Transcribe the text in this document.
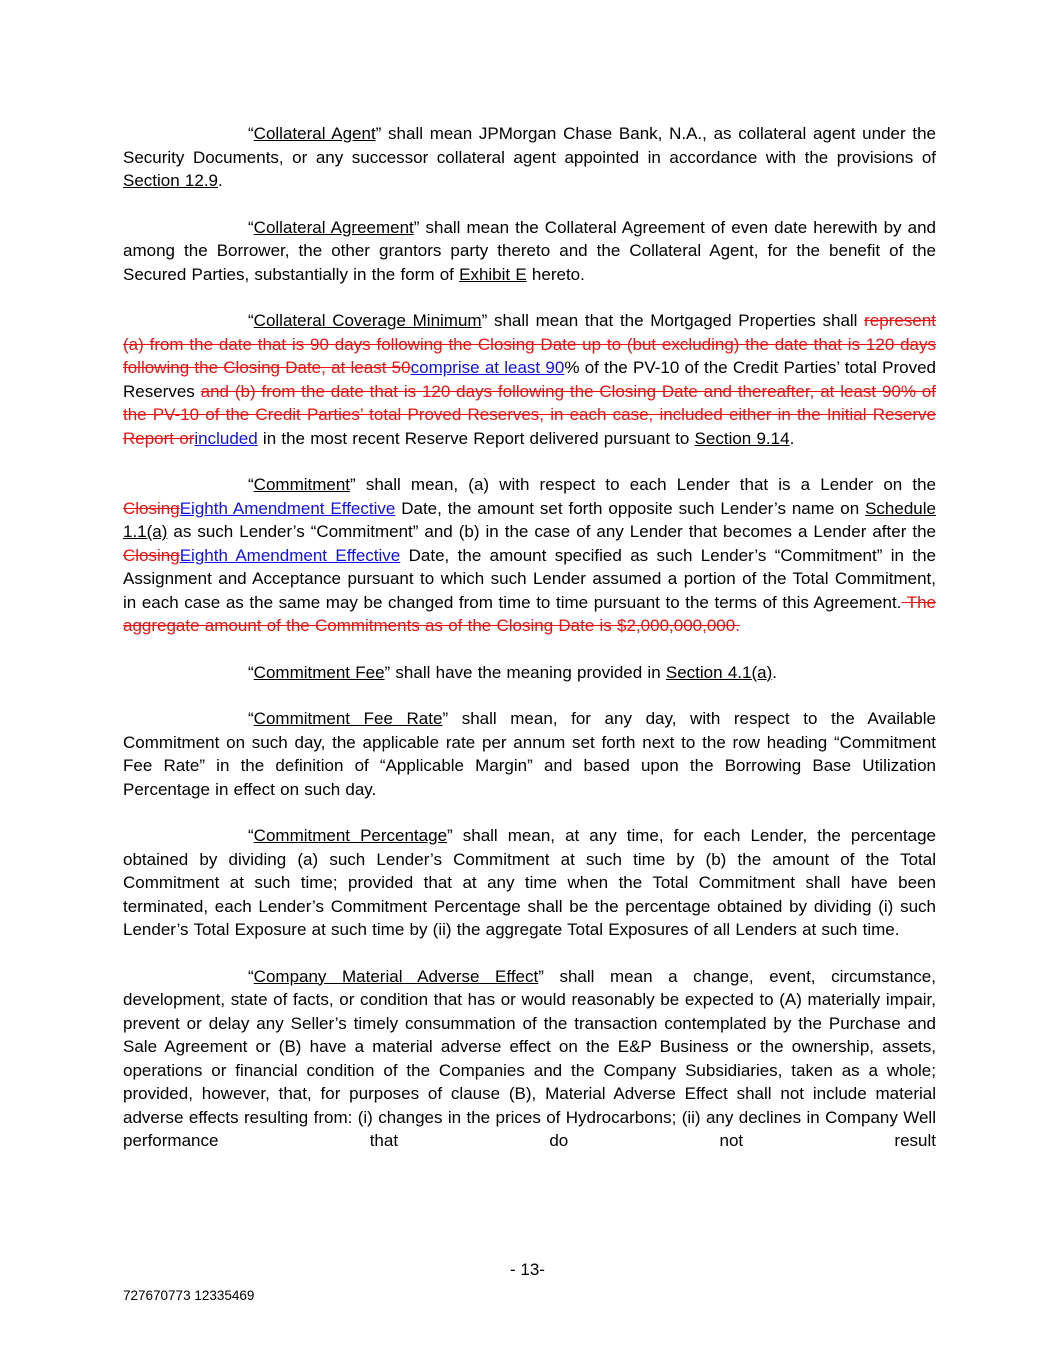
“Collateral Agent” shall mean JPMorgan Chase Bank, N.A., as collateral agent under the Security Documents, or any successor collateral agent appointed in accordance with the provisions of Section 12.9.

“Collateral Agreement” shall mean the Collateral Agreement of even date herewith by and among the Borrower, the other grantors party thereto and the Collateral Agent, for the benefit of the Secured Parties, substantially in the form of Exhibit E hereto.

“Collateral Coverage Minimum” shall mean that the Mortgaged Properties shall represent (a) from the date that is 90 days following the Closing Date up to (but excluding) the date that is 120 days following the Closing Date, at least 50comprise at least 90% of the PV-10 of the Credit Parties’ total Proved Reserves and (b) from the date that is 120 days following the Closing Date and thereafter, at least 90% of the PV-10 of the Credit Parties’ total Proved Reserves, in each case, included either in the Initial Reserve Report orincluded in the most recent Reserve Report delivered pursuant to Section 9.14.

“Commitment” shall mean, (a) with respect to each Lender that is a Lender on the ClosingEighth Amendment Effective Date, the amount set forth opposite such Lender’s name on Schedule 1.1(a) as such Lender’s “Commitment” and (b) in the case of any Lender that becomes a Lender after the ClosingEighth Amendment Effective Date, the amount specified as such Lender’s “Commitment” in the Assignment and Acceptance pursuant to which such Lender assumed a portion of the Total Commitment, in each case as the same may be changed from time to time pursuant to the terms of this Agreement. The aggregate amount of the Commitments as of the Closing Date is $2,000,000,000.

“Commitment Fee” shall have the meaning provided in Section 4.1(a).

“Commitment Fee Rate” shall mean, for any day, with respect to the Available Commitment on such day, the applicable rate per annum set forth next to the row heading “Commitment Fee Rate” in the definition of “Applicable Margin” and based upon the Borrowing Base Utilization Percentage in effect on such day.

“Commitment Percentage” shall mean, at any time, for each Lender, the percentage obtained by dividing (a) such Lender’s Commitment at such time by (b) the amount of the Total Commitment at such time; provided that at any time when the Total Commitment shall have been terminated, each Lender’s Commitment Percentage shall be the percentage obtained by dividing (i) such Lender’s Total Exposure at such time by (ii) the aggregate Total Exposures of all Lenders at such time.

“Company Material Adverse Effect” shall mean a change, event, circumstance, development, state of facts, or condition that has or would reasonably be expected to (A) materially impair, prevent or delay any Seller’s timely consummation of the transaction contemplated by the Purchase and Sale Agreement or (B) have a material adverse effect on the E&P Business or the ownership, assets, operations or financial condition of the Companies and the Company Subsidiaries, taken as a whole; provided, however, that, for purposes of clause (B), Material Adverse Effect shall not include material adverse effects resulting from: (i) changes in the prices of Hydrocarbons; (ii) any declines in Company Well performance that do not result

- 13-
727670773 12335469
